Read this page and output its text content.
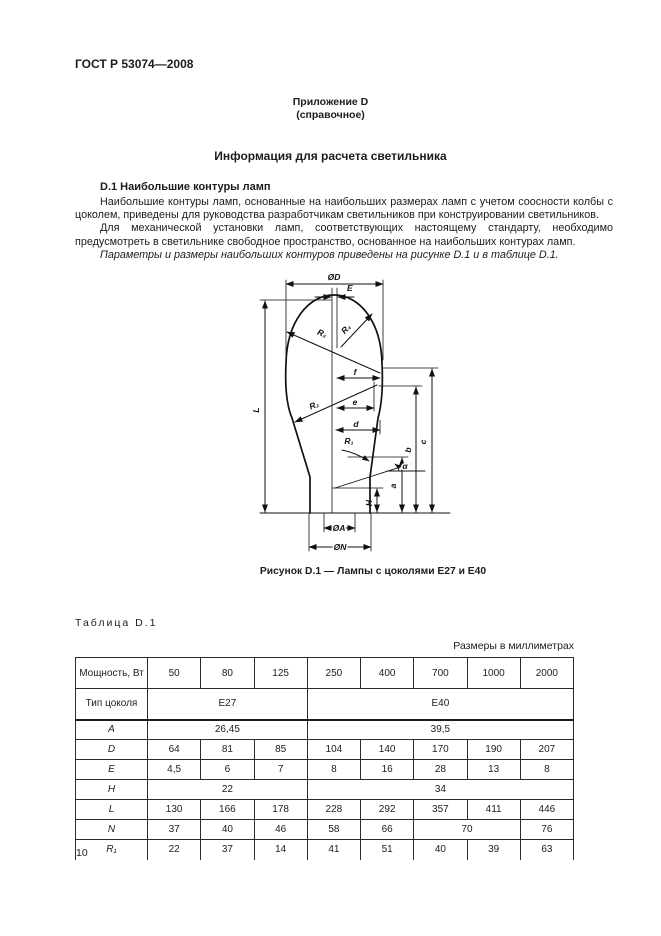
ГОСТ Р 53074—2008
Приложение D
(справочное)
Информация для расчета светильника
D.1 Наибольшие контуры ламп

Наибольшие контуры ламп, основанные на наибольших размерах ламп с учетом соосности колбы с цоколем, приведены для руководства разработчикам светильников при конструировании светильников.

Для механической установки ламп, соответствующих настоящему стандарту, необходимо предусмотреть в светильнике свободное пространство, основанное на наибольших контурах ламп.

Параметры и размеры наибольших контуров приведены на рисунке D.1 и в таблице D.1.

ØD
E
L
f
e
d
R₂
R₃ R₄
R₁
α
a
b
c
H
ØA
ØN
Рисунок D.1 — Лампы с цоколями Е27 и Е40
Таблица D.1
Размеры в миллиметрах
Мощность, Вт	50	80	125	250	400	700	1000	2000
Тип цоколя	Е27			Е40				
A	26,45			39,5				
D	64	81	85	104	140	170	190	207
E	4,5	6	7	8	16	28	13	8
H	22			34				
L	130	166	178	228	292	357	411	446
N	37	40	46	58	66	70		76
R₁	22	37	14	41	51	40	39	63
10
